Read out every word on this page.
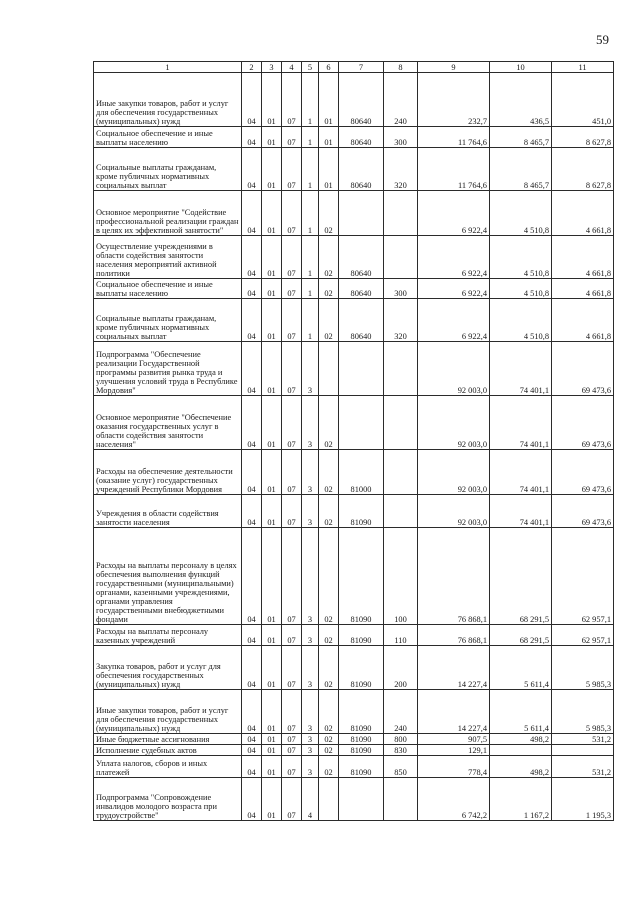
59
1	2	3	4	5	6	7	8	9	10	11
Иные закупки товаров, работ и услуг для обеспечения государственных (муниципальных) нужд	04	01	07	1	01	80640	240	232,7	436,5	451,0
Социальное обеспечение и иные выплаты населению	04	01	07	1	01	80640	300	11 764,6	8 465,7	8 627,8
Социальные выплаты гражданам, кроме публичных нормативных социальных выплат	04	01	07	1	01	80640	320	11 764,6	8 465,7	8 627,8
Основное мероприятие "Содействие профессиональной реализации граждан в целях их эффективной занятости"	04	01	07	1	02			6 922,4	4 510,8	4 661,8
Осуществление учреждениями в области содействия занятости населения мероприятий активной политики	04	01	07	1	02	80640		6 922,4	4 510,8	4 661,8
Социальное обеспечение и иные выплаты населению	04	01	07	1	02	80640	300	6 922,4	4 510,8	4 661,8
Социальные выплаты гражданам, кроме публичных нормативных социальных выплат	04	01	07	1	02	80640	320	6 922,4	4 510,8	4 661,8
Подпрограмма "Обеспечение реализации Государственной программы развития рынка труда и улучшения условий труда в Республике Мордовия"	04	01	07	3				92 003,0	74 401,1	69 473,6
Основное мероприятие "Обеспечение оказания государственных услуг в области содействия занятости населения"	04	01	07	3	02			92 003,0	74 401,1	69 473,6
Расходы на обеспечение деятельности (оказание услуг) государственных учреждений Республики Мордовия	04	01	07	3	02	81000		92 003,0	74 401,1	69 473,6
Учреждения в области содействия занятости населения	04	01	07	3	02	81090		92 003,0	74 401,1	69 473,6
Расходы на выплаты персоналу в целях обеспечения выполнения функций государственными (муниципальными) органами, казенными учреждениями, органами управления государственными внебюджетными фондами	04	01	07	3	02	81090	100	76 868,1	68 291,5	62 957,1
Расходы на выплаты персоналу казенных учреждений	04	01	07	3	02	81090	110	76 868,1	68 291,5	62 957,1
Закупка товаров, работ и услуг для обеспечения государственных (муниципальных) нужд	04	01	07	3	02	81090	200	14 227,4	5 611,4	5 985,3
Иные закупки товаров, работ и услуг для обеспечения государственных (муниципальных) нужд	04	01	07	3	02	81090	240	14 227,4	5 611,4	5 985,3
Иные бюджетные ассигнования	04	01	07	3	02	81090	800	907,5	498,2	531,2
Исполнение судебных актов	04	01	07	3	02	81090	830	129,1		
Уплата налогов, сборов и иных платежей	04	01	07	3	02	81090	850	778,4	498,2	531,2
Подпрограмма "Сопровождение инвалидов молодого возраста при трудоустройстве"	04	01	07	4				6 742,2	1 167,2	1 195,3
